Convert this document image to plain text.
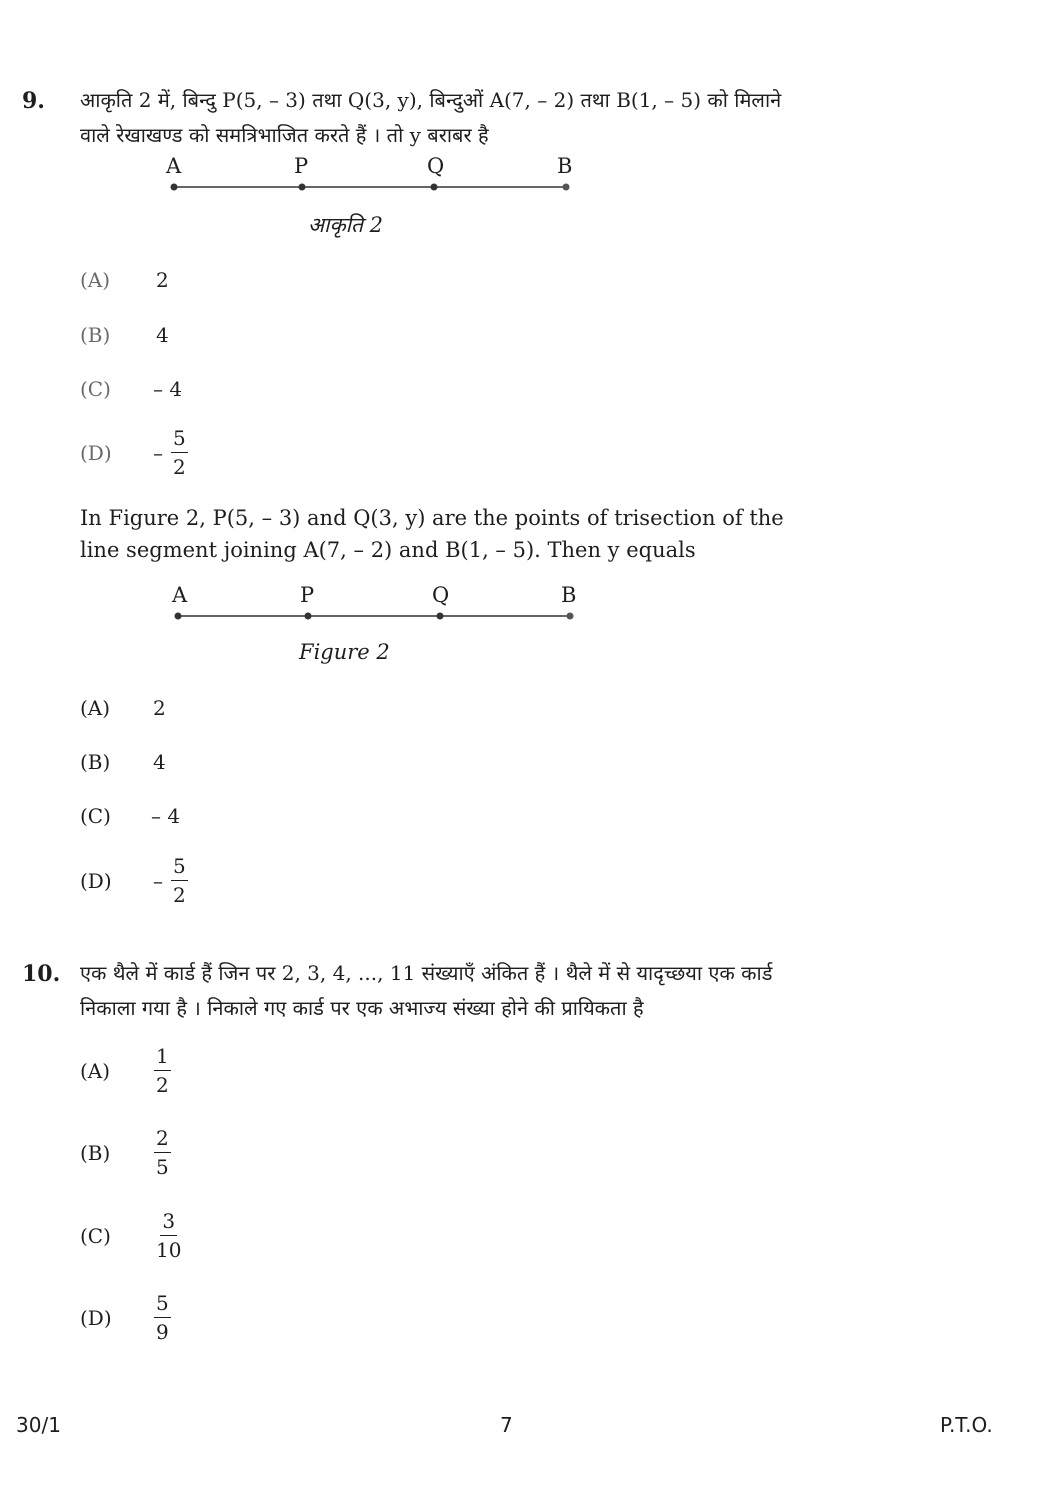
9. आकृति 2 में, बिन्दु P(5, – 3) तथा Q(3, y), बिन्दुओं A(7, – 2) तथा B(1, – 5) को मिलाने
वाले रेखाखण्ड को समत्रिभाजित करते हैं । तो y बराबर है
A	P	Q	B
आकृति 2
(A) 2
(B) 4
(C) – 4
$(D) - \frac{5}{2}$
In Figure 2, P(5, – 3) and Q(3, y) are the points of trisection of the
line segment joining A(7, – 2) and B(1, – 5). Then y equals
A	P	Q	B
Figure 2
(A) 2
(B) 4
(C) – 4
$(D) - \frac{5}{2}$
10. एक थैले में कार्ड हैं जिन पर 2, 3, 4, ..., 11 संख्याएँ अंकित हैं । थैले में से यादृच्छया एक कार्ड
निकाला गया है । निकाले गए कार्ड पर एक अभाज्य संख्या होने की प्रायिकता है
$(A) \frac{1}{2}$
$(B) \frac{2}{5}$
$(C) \frac{3}{10}$
$(D) \frac{5}{9}$
30/1	7	P.T.O.
